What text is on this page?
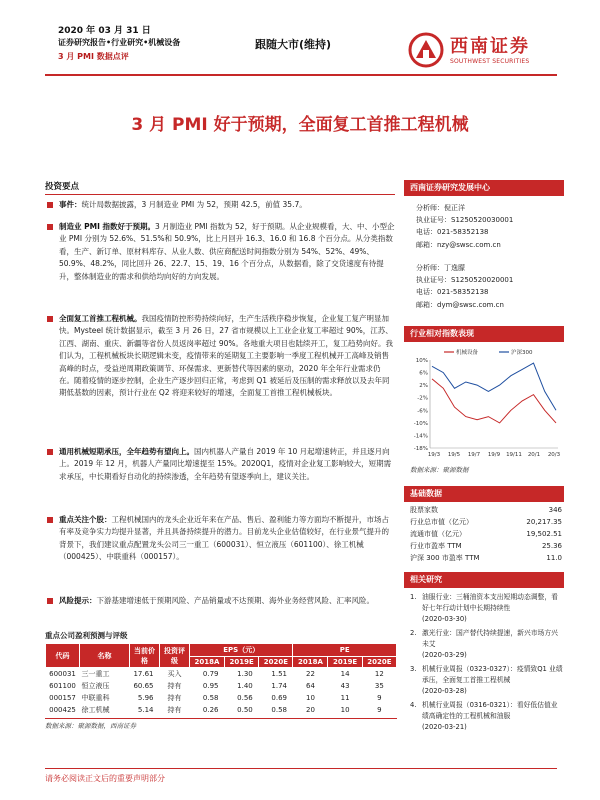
2020 年 03 月 31 日
证券研究报告•行业研究•机械设备
3 月 PMI 数据点评
跟随大市(维持)	西南证券
SOUTHWEST SECURITIES
3 月 PMI 好于预期，全面复工首推工程机械
投资要点
事件：统计局数据披露，3 月制造业 PMI 为 52，预期 42.5，前值 35.7。
制造业 PMI 指数好于预期。3 月制造业 PMI 指数为 52，好于预期。从企业规模看，大、中、小型企业 PMI 分别为 52.6%、51.5%和 50.9%，比上月回升 16.3、16.0 和 16.8 个百分点。从分类指数看，生产、新订单、原材料库存、从业人数、供应商配送时间指数分别为 54%、52%、49%、50.9%、48.2%，同比回升 26、22.7、15、19、16 个百分点，从数据看，除了交货速度有待提升，整体制造业的需求和供给均向好的方向发展。
全面复工首推工程机械。我国疫情防控形势持续向好，生产生活秩序稳步恢复，企业复工复产明显加快。Mysteel 统计数据显示，截至 3 月 26 日，27 省市规模以上工业企业复工率超过 90%，江苏、江西、湖南、重庆、新疆等省份人员返岗率超过 90%。各地重大项目也陆续开工，复工趋势向好。我们认为，工程机械板块长期逻辑未变，疫情带来的延期复工主要影响一季度工程机械开工高峰及销售高峰的时点，受益逆周期政策调节、环保需求、更新替代等因素的驱动，2020 年全年行业需求仍在。随着疫情的逐步控制，企业生产逐步回归正常，考虑到 Q1 被延后及压制的需求释放以及去年同期低基数的因素，预计行业在 Q2 将迎来较好的增速，全面复工首推工程机械板块。
通用机械短期承压，全年趋势有望向上。国内机器人产量自 2019 年 10 月起增速转正，并且逐月向上。2019 年 12 月，机器人产量同比增速提至 15%。2020Q1，疫情对企业复工影响较大，短期需求承压，中长期看好自动化的持续渗透，全年趋势有望逐季向上，建议关注。
重点关注个股：工程机械国内的龙头企业近年来在产品、售后、盈利能力等方面均不断提升，市场占有率及竞争实力均提升显著，并且具备持续提升的潜力。目前龙头企业估值较好，在行业景气提升的背景下，我们建议重点配置龙头公司三一重工（600031）、恒立液压（601100）、徐工机械（000425）、中联重科（000157）。
风险提示：下游基建增速低于预期风险、产品销量或不达预期、海外业务经营风险、汇率风险。
重点公司盈利预测与评级
代码	名称	当前价格	投资评级	EPS（元）			PE		
				2018A	2019E	2020E	2018A	2019E	2020E
600031	三一重工	17.61	买入	0.79	1.30	1.51	22	14	12
601100	恒立液压	60.65	持有	0.95	1.40	1.74	64	43	35
000157	中联重科	5.96	持有	0.58	0.56	0.69	10	11	9
000425	徐工机械	5.14	持有	0.26	0.50	0.58	20	10	9
数据来源：聚源数据，西南证券
西南证券研究发展中心
分析师：倪正洋
执业证号：S1250520030001
电话：021-58352138
邮箱：nzy@swsc.com.cn
分析师：丁逸朦
执业证号：S1250520020001
电话：021-58352138
邮箱：dym@swsc.com.cn
行业相对指数表现
10%
6%
2%
-2%
-6%
-10%
-14%
-18%
19/3 19/5 19/7 19/9 19/11 20/1 20/3
机械设备	沪深300
数据来源：聚源数据
基础数据
股票家数	346
行业总市值（亿元）	20,217.35
流通市值（亿元）	19,502.51
行业市盈率 TTM	25.36
沪深 300 市盈率 TTM	11.0
相关研究
1. 油服行业：三桶油资本支出短期动态调整，看好七年行动计划中长期持续性
(2020-03-30)
2. 激光行业：国产替代持续提速，新兴市场方兴未艾
(2020-03-29)
3. 机械行业周报（0323-0327）：疫情致Q1 业绩承压，全面复工首推工程机械
(2020-03-28)
4. 机械行业周报（0316-0321）：看好低估值业绩高确定性的工程机械和油服
(2020-03-21)
请务必阅读正文后的重要声明部分
